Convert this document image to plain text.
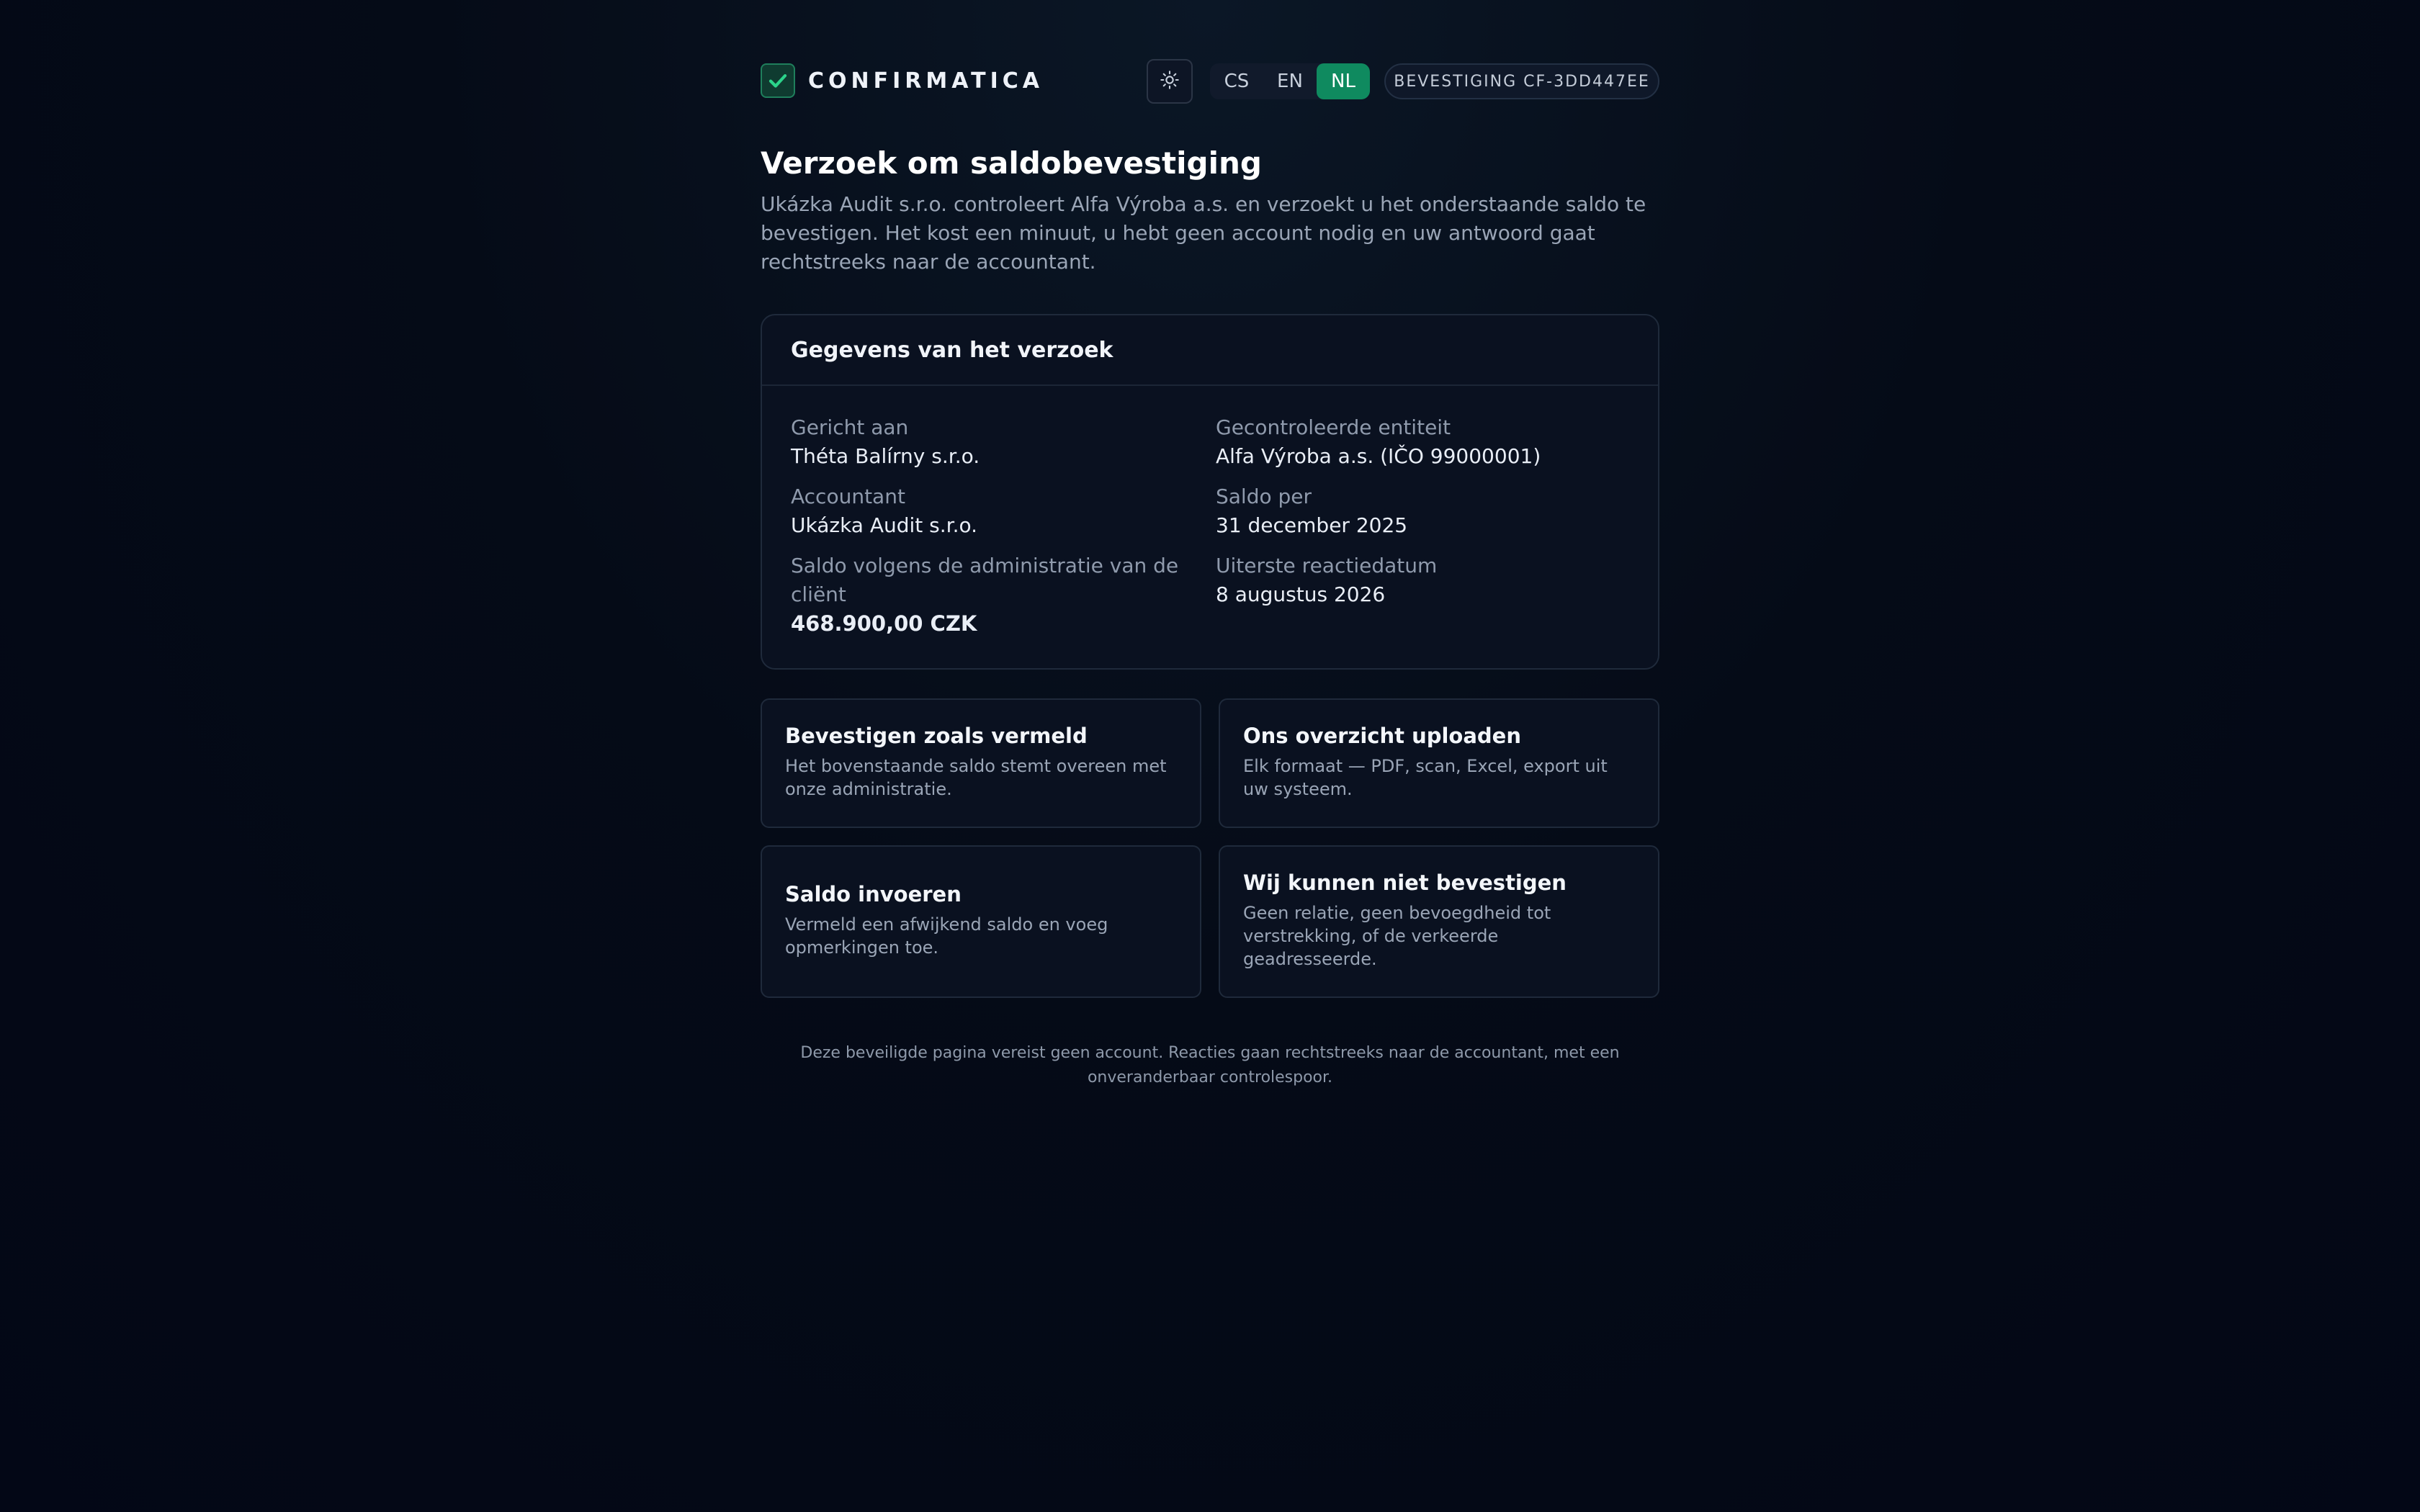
CONFIRMATICA	CS	EN	NL	BEVESTIGING CF-3DD447EE
Verzoek om saldobevestiging

Ukázka Audit s.r.o. controleert Alfa Výroba a.s. en verzoekt u het onderstaande saldo te bevestigen. Het kost een minuut, u hebt geen account nodig en uw antwoord gaat rechtstreeks naar de accountant.

Gegevens van het verzoek
Gericht aan
Théta Balírny s.r.o.
Gecontroleerde entiteit
Alfa Výroba a.s. (IČO 99000001)
Accountant
Ukázka Audit s.r.o.
Saldo per
31 december 2025
Saldo volgens de administratie van de cliënt
468.900,00 CZK
Uiterste reactiedatum
8 augustus 2026
Bevestigen zoals vermeld
Het bovenstaande saldo stemt overeen met onze administratie.
Ons overzicht uploaden
Elk formaat — PDF, scan, Excel, export uit uw systeem.
Saldo invoeren
Vermeld een afwijkend saldo en voeg opmerkingen toe.
Wij kunnen niet bevestigen
Geen relatie, geen bevoegdheid tot verstrekking, of de verkeerde geadresseerde.

Deze beveiligde pagina vereist geen account. Reacties gaan rechtstreeks naar de accountant, met een onveranderbaar controlespoor.
